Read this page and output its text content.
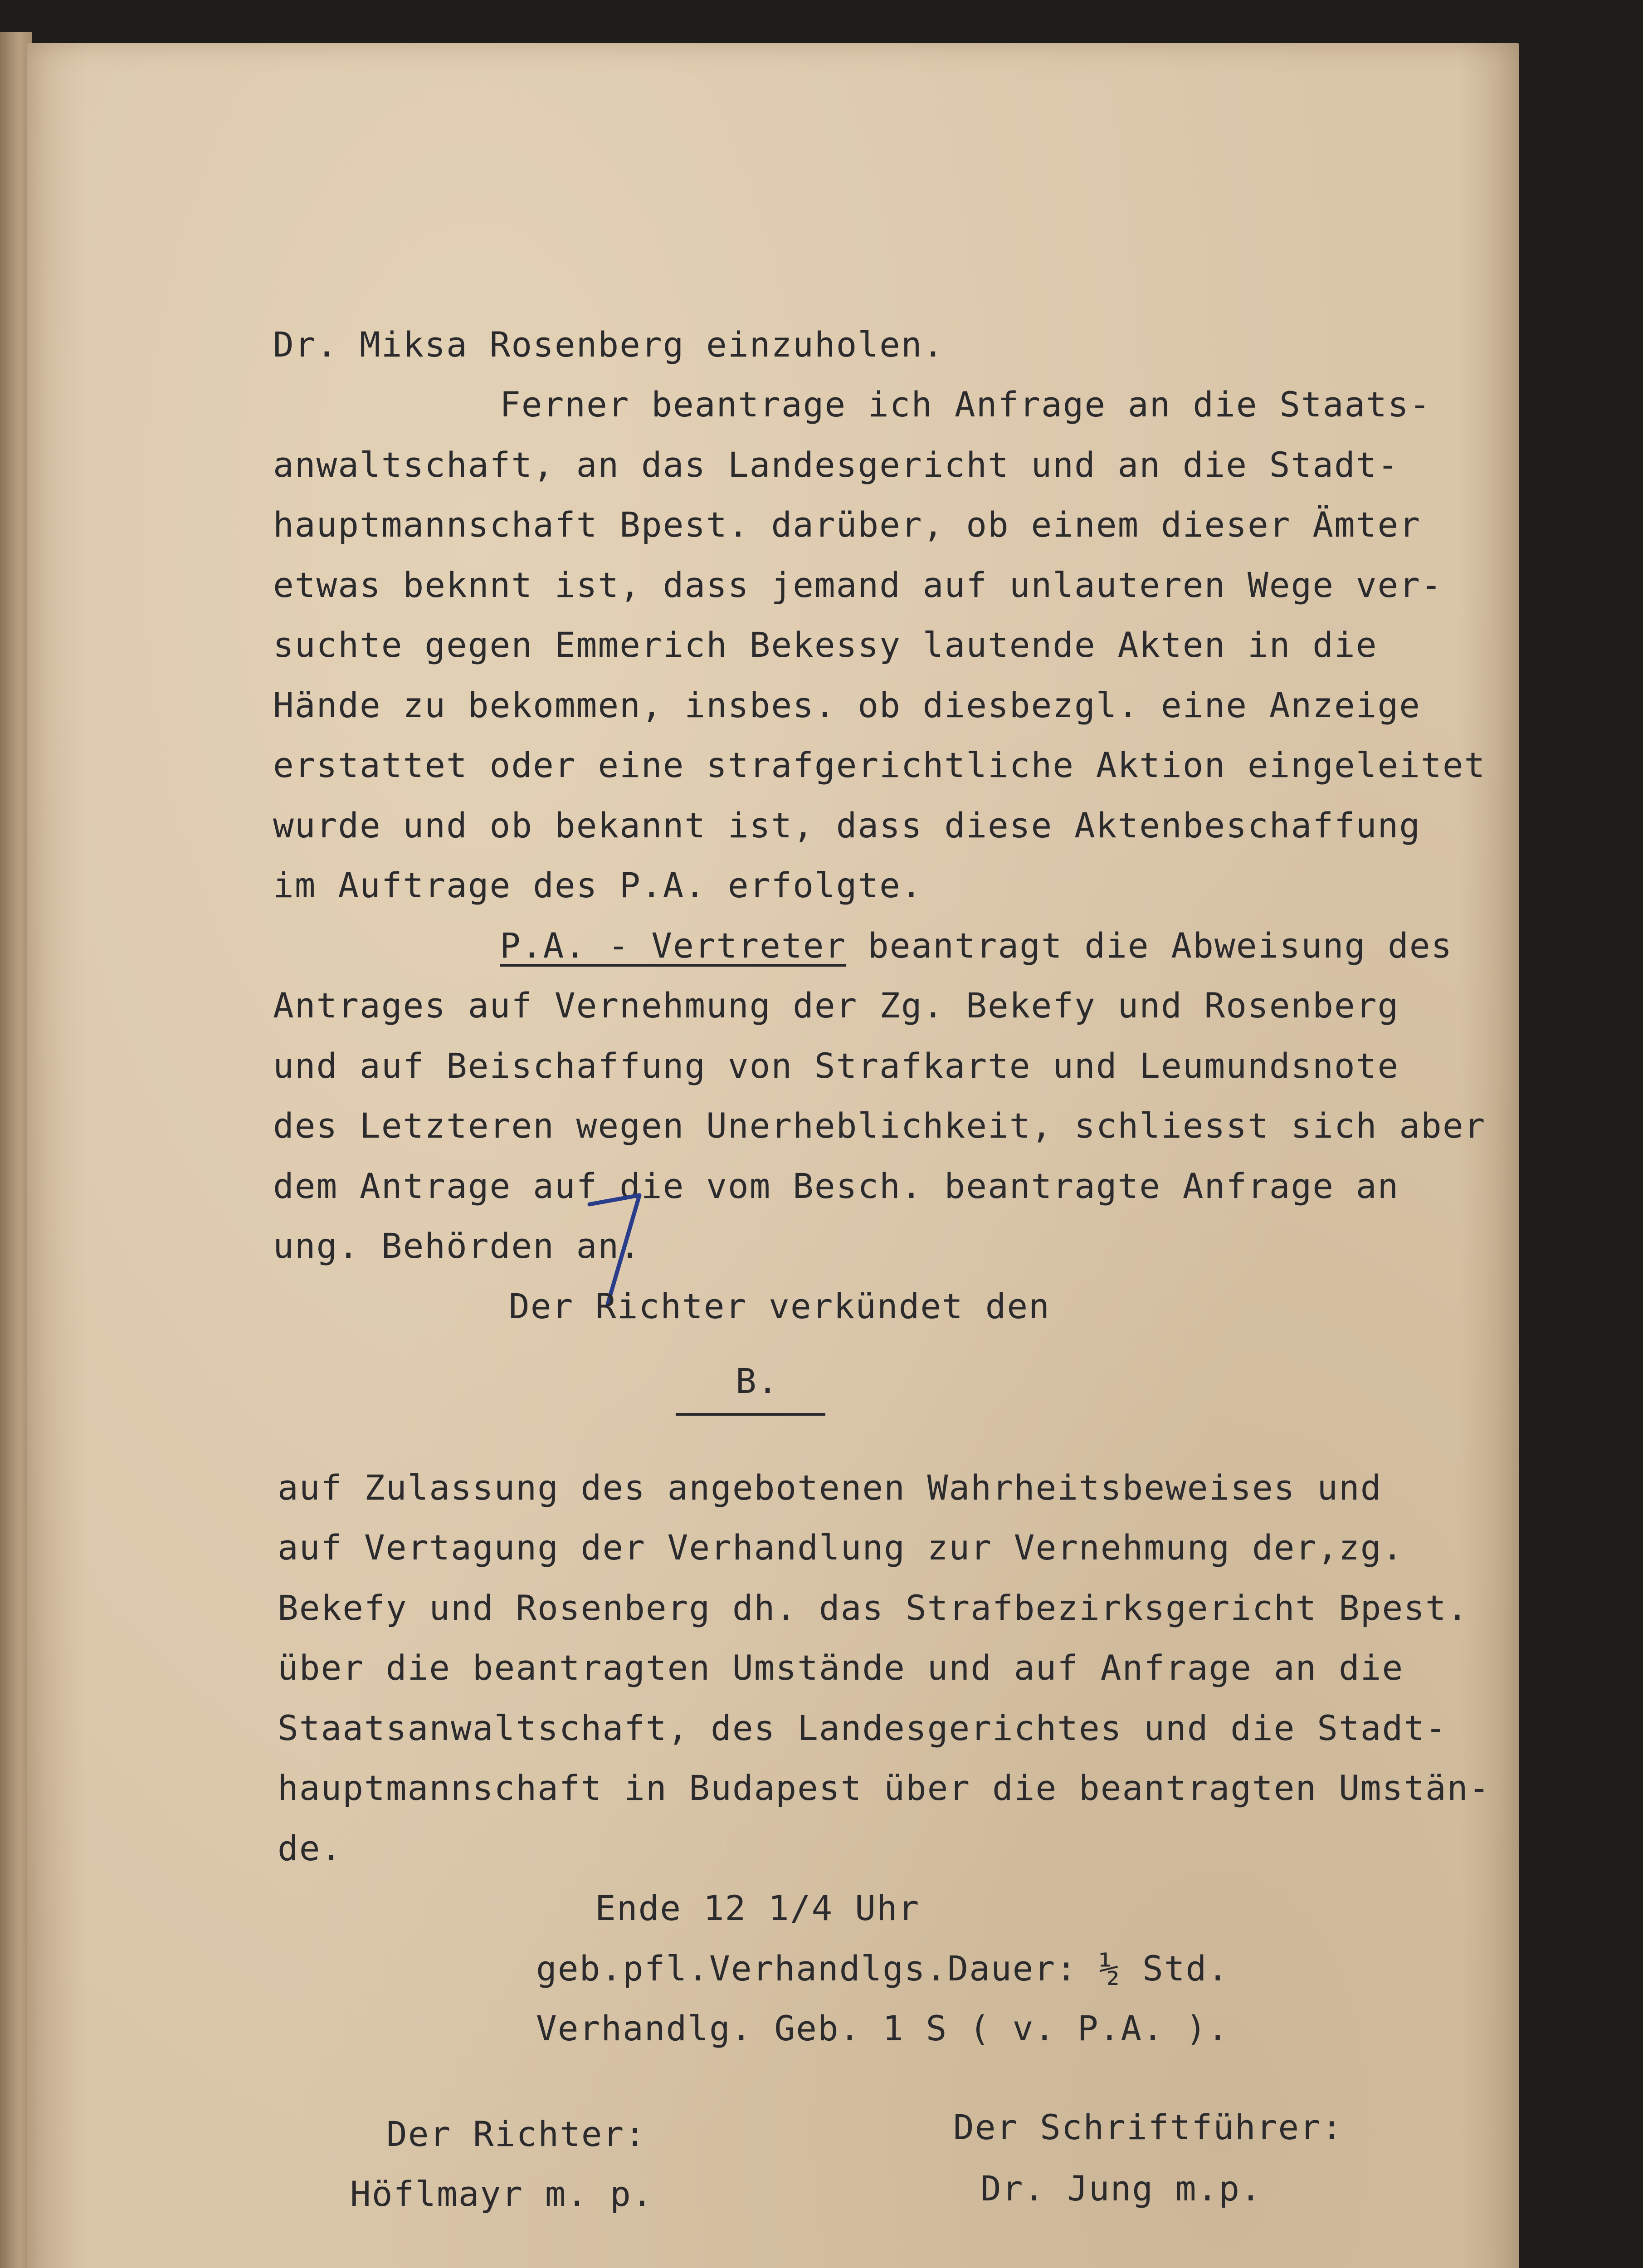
Dr. Miksa Rosenberg einzuholen.
Ferner beantrage ich Anfrage an die Staats-
anwaltschaft, an das Landesgericht und an die Stadt-
hauptmannschaft Bpest. darüber, ob einem dieser Ämter
etwas beknnt ist, dass jemand auf unlauteren Wege ver-
suchte gegen Emmerich Bekessy lautende Akten in die
Hände zu bekommen, insbes. ob diesbezgl. eine Anzeige
erstattet oder eine strafgerichtliche Aktion eingeleitet
wurde und ob bekannt ist, dass diese Aktenbeschaffung
im Auftrage des P.A. erfolgte.
P.A. - Vertreter beantragt die Abweisung des
Antrages auf Vernehmung der Zg. Bekefy und Rosenberg
und auf Beischaffung von Strafkarte und Leumundsnote
des Letzteren wegen Unerheblichkeit, schliesst sich aber
dem Antrage auf die vom Besch. beantragte Anfrage an
ung. Behörden an.
Der Richter verkündet den
B.
auf Zulassung des angebotenen Wahrheitsbeweises und
auf Vertagung der Verhandlung zur Vernehmung der,zg.
Bekefy und Rosenberg dh. das Strafbezirksgericht Bpest.
über die beantragten Umstände und auf Anfrage an die
Staatsanwaltschaft, des Landesgerichtes und die Stadt-
hauptmannschaft in Budapest über die beantragten Umstän-
de.
Ende 12 1/4 Uhr
geb.pfl.Verhandlgs.Dauer: ½ Std.
Verhandlg. Geb. 1 S ( v. P.A. ).
Der Richter:
Höflmayr m. p.
Der Schriftführer:
Dr. Jung m.p.
